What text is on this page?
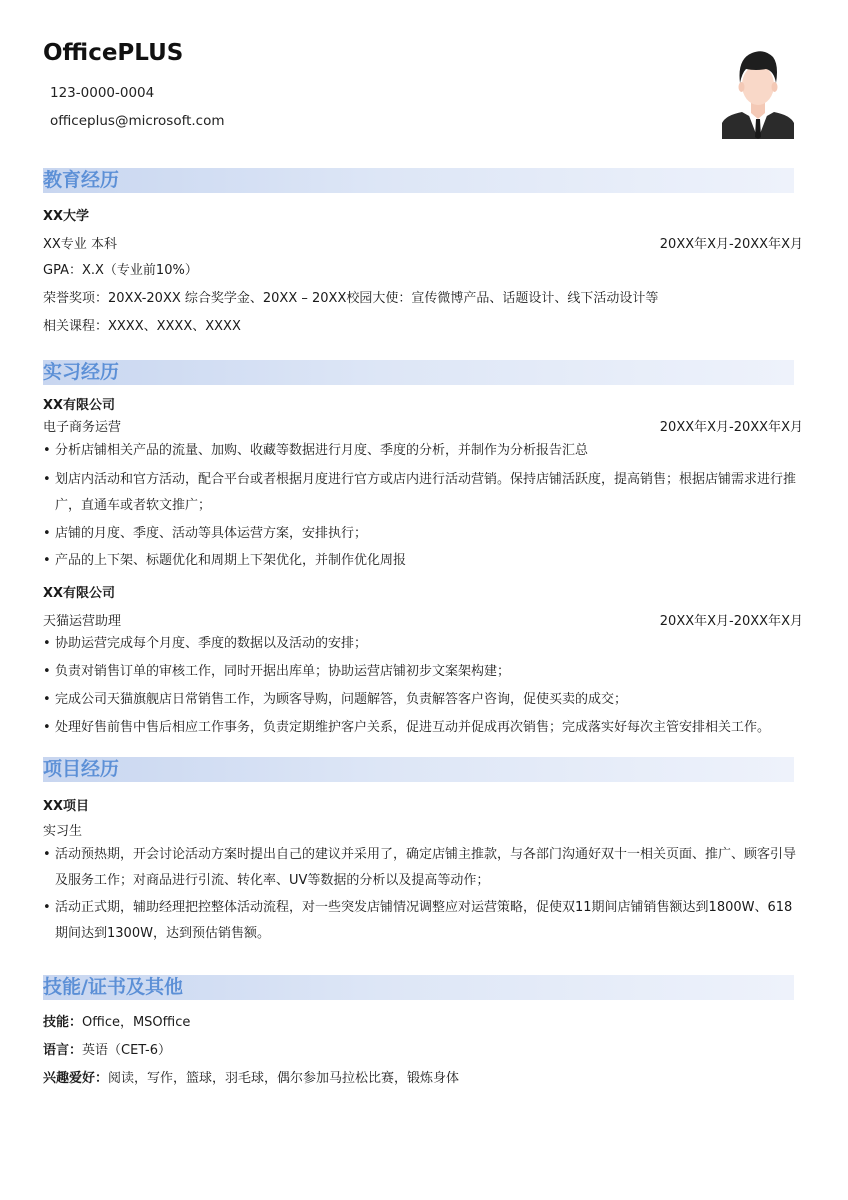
OfficePLUS
123-0000-0004
officeplus@microsoft.com
教育经历
XX大学
XX专业 本科	20XX年X月-20XX年X月
GPA：X.X（专业前10%）
荣誉奖项：20XX-20XX 综合奖学金、20XX – 20XX校园大使：宣传微博产品、话题设计、线下活动设计等
相关课程：XXXX、XXXX、XXXX
实习经历
XX有限公司
电子商务运营	20XX年X月-20XX年X月
• 分析店铺相关产品的流量、加购、收藏等数据进行月度、季度的分析，并制作为分析报告汇总
• 划店内活动和官方活动，配合平台或者根据月度进行官方或店内进行活动营销。保持店铺活跃度，提高销售；根据店铺需求进行推广，直通车或者软文推广；
• 店铺的月度、季度、活动等具体运营方案，安排执行；
• 产品的上下架、标题优化和周期上下架优化，并制作优化周报
XX有限公司
天猫运营助理	20XX年X月-20XX年X月
• 协助运营完成每个月度、季度的数据以及活动的安排；
• 负责对销售订单的审核工作，同时开据出库单；协助运营店铺初步文案架构建；
• 完成公司天猫旗舰店日常销售工作，为顾客导购，问题解答，负责解答客户咨询，促使买卖的成交；
• 处理好售前售中售后相应工作事务，负责定期维护客户关系，促进互动并促成再次销售；完成落实好每次主管安排相关工作。
项目经历
XX项目
实习生
• 活动预热期，开会讨论活动方案时提出自己的建议并采用了，确定店铺主推款，与各部门沟通好双十一相关页面、推广、顾客引导及服务工作；对商品进行引流、转化率、UV等数据的分析以及提高等动作；
• 活动正式期，辅助经理把控整体活动流程，对一些突发店铺情况调整应对运营策略，促使双11期间店铺销售额达到1800W、618期间达到1300W，达到预估销售额。
技能/证书及其他
技能：Office，MSOffice
语言：英语（CET-6）
兴趣爱好：阅读，写作，篮球，羽毛球，偶尔参加马拉松比赛，锻炼身体
